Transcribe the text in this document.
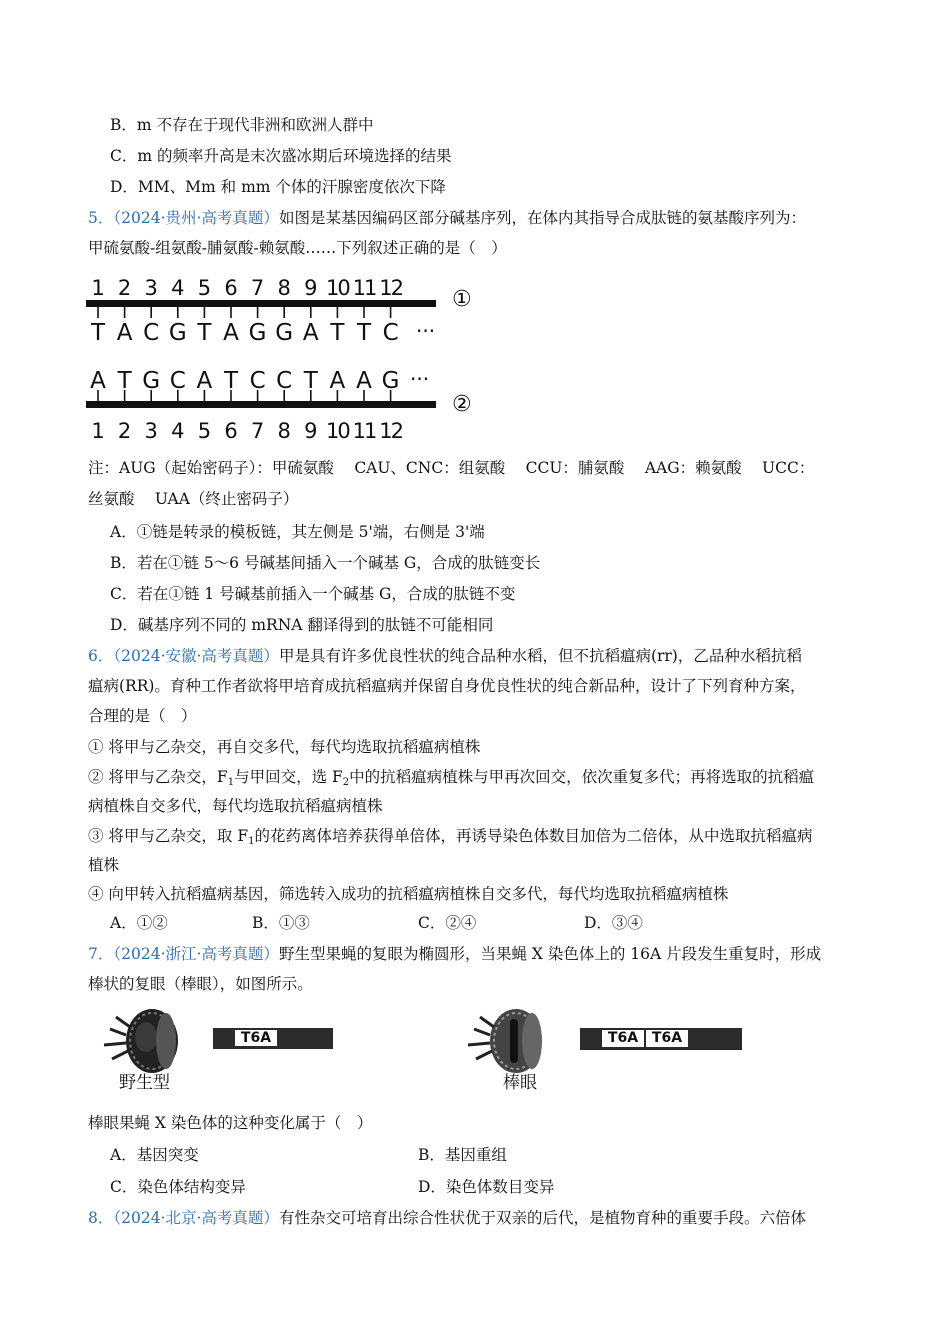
B．m 不存在于现代非洲和欧洲人群中
C．m 的频率升高是末次盛冰期后环境选择的结果
D．MM、Mm 和 mm 个体的汗腺密度依次下降
5．（2024·贵州·高考真题）如图是某基因编码区部分碱基序列，在体内其指导合成肽链的氨基酸序列为：
甲硫氨酸-组氨酸-脯氨酸-赖氨酸……下列叙述正确的是（　）
1 2 3 4 5 6 7 8 9 10 11 12
T A C G T A G G A T T C ···
①
A T G C A T C C T A A G ···
②
1 2 3 4 5 6 7 8 9 10 11 12
注：AUG（起始密码子）：甲硫氨酸　 CAU、CNC：组氨酸　 CCU：脯氨酸　 AAG：赖氨酸　 UCC：
丝氨酸　 UAA（终止密码子）
A．①链是转录的模板链，其左侧是 5'端，右侧是 3'端
B．若在①链 5～6 号碱基间插入一个碱基 G，合成的肽链变长
C．若在①链 1 号碱基前插入一个碱基 G，合成的肽链不变
D．碱基序列不同的 mRNA 翻译得到的肽链不可能相同
6．（2024·安徽·高考真题）甲是具有许多优良性状的纯合品种水稻，但不抗稻瘟病(rr)，乙品种水稻抗稻
瘟病(RR)。育种工作者欲将甲培育成抗稻瘟病并保留自身优良性状的纯合新品种，设计了下列育种方案，
合理的是（　）
① 将甲与乙杂交，再自交多代，每代均选取抗稻瘟病植株
② 将甲与乙杂交，$F_1$与甲回交，选 $F_2$中的抗稻瘟病植株与甲再次回交，依次重复多代；再将选取的抗稻瘟
病植株自交多代，每代均选取抗稻瘟病植株
③ 将甲与乙杂交，取 $F_1$的花药离体培养获得单倍体，再诱导染色体数目加倍为二倍体，从中选取抗稻瘟病
植株
④ 向甲转入抗稻瘟病基因，筛选转入成功的抗稻瘟病植株自交多代，每代均选取抗稻瘟病植株
A．①②	B．①③	C．②④	D．③④
7．（2024·浙江·高考真题）野生型果蝇的复眼为椭圆形，当果蝇 X 染色体上的 16A 片段发生重复时，形成
棒状的复眼（棒眼），如图所示。
野生型
T6A
棒眼
T6A T6A
棒眼果蝇 X 染色体的这种变化属于（　）
A．基因突变	B．基因重组
C．染色体结构变异	D．染色体数目变异
8．（2024·北京·高考真题）有性杂交可培育出综合性状优于双亲的后代，是植物育种的重要手段。六倍体
